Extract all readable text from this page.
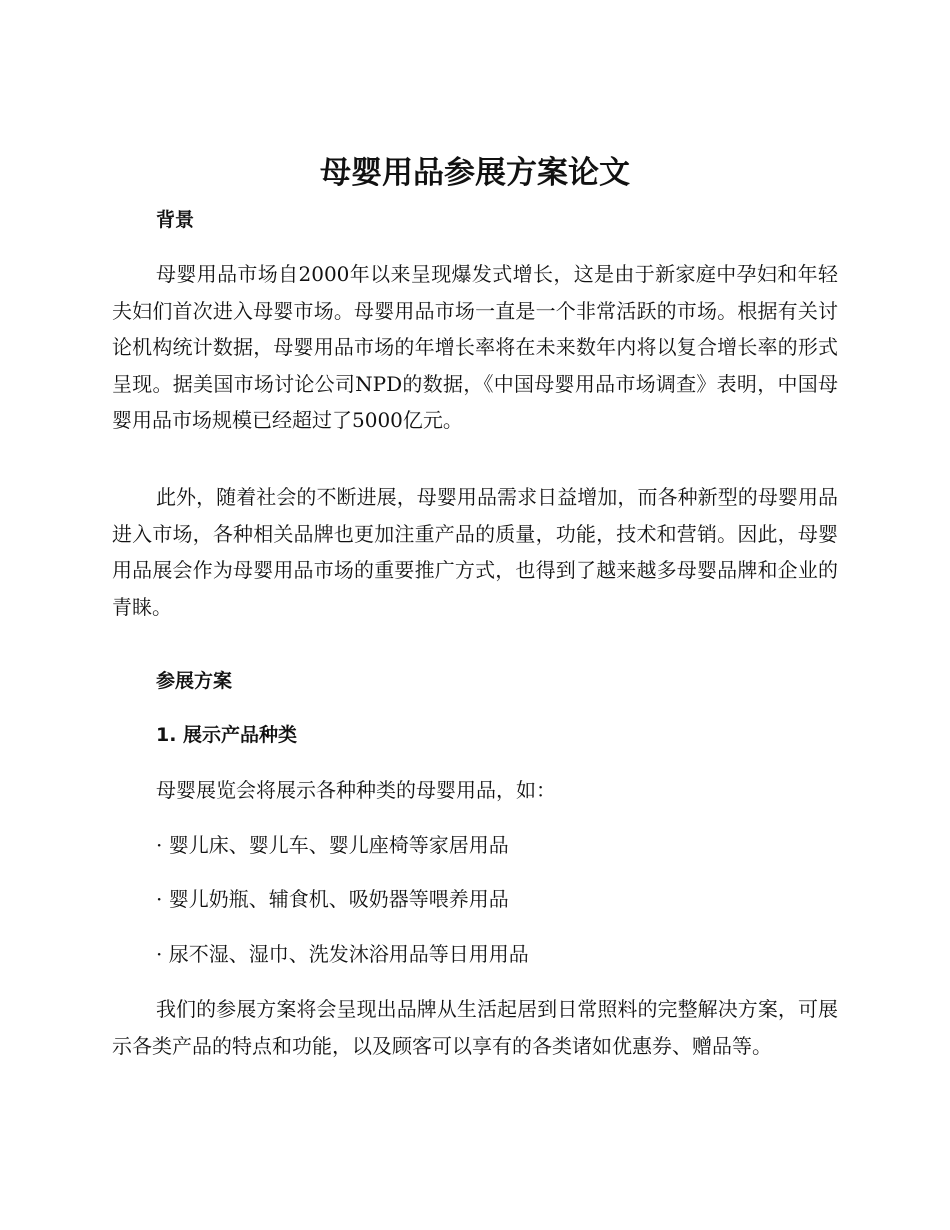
母婴用品参展方案论文
背景

母婴用品市场自2000年以来呈现爆发式增长，这是由于新家庭中孕妇和年轻夫妇们首次进入母婴市场。母婴用品市场一直是一个非常活跃的市场。根据有关讨论机构统计数据，母婴用品市场的年增长率将在未来数年内将以复合增长率的形式呈现。据美国市场讨论公司NPD的数据，《中国母婴用品市场调查》表明，中国母婴用品市场规模已经超过了5000亿元。

此外，随着社会的不断进展，母婴用品需求日益增加，而各种新型的母婴用品进入市场，各种相关品牌也更加注重产品的质量，功能，技术和营销。因此，母婴用品展会作为母婴用品市场的重要推广方式，也得到了越来越多母婴品牌和企业的青睐。

参展方案
1. 展示产品种类

母婴展览会将展示各种种类的母婴用品，如：

· 婴儿床、婴儿车、婴儿座椅等家居用品

· 婴儿奶瓶、辅食机、吸奶器等喂养用品

· 尿不湿、湿巾、洗发沐浴用品等日用用品

我们的参展方案将会呈现出品牌从生活起居到日常照料的完整解决方案，可展示各类产品的特点和功能，以及顾客可以享有的各类诸如优惠券、赠品等。
